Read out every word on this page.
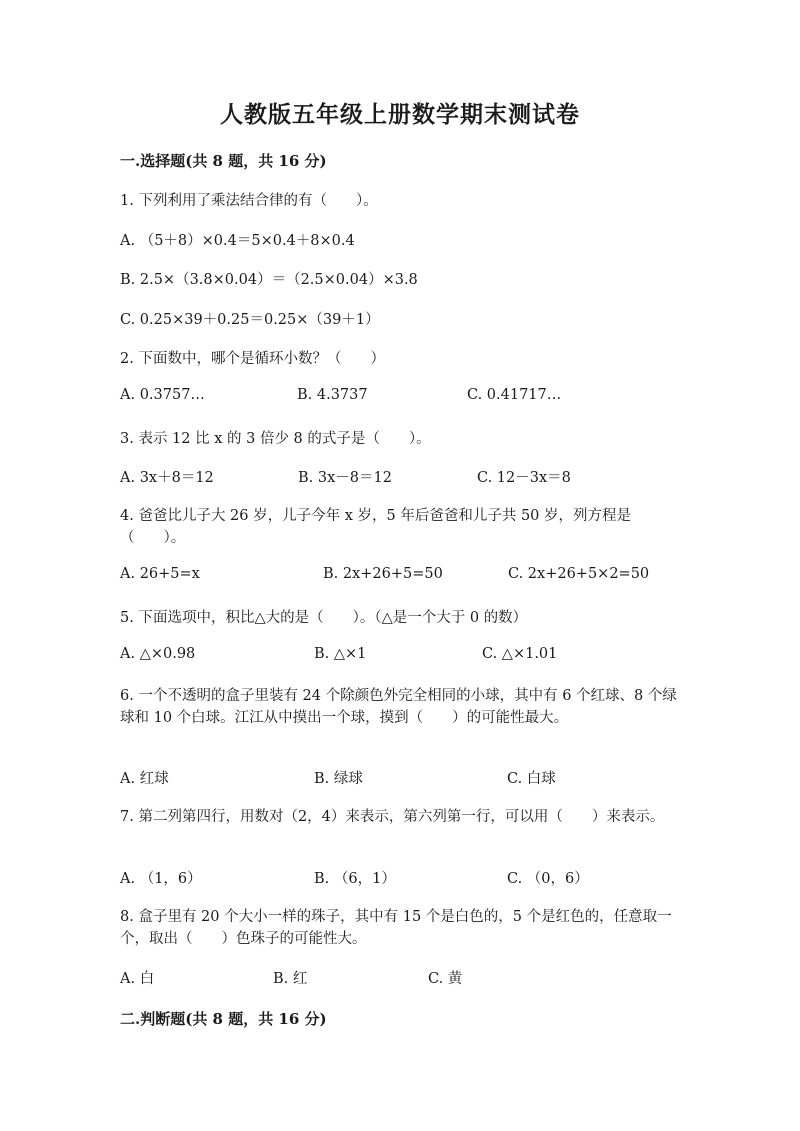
人教版五年级上册数学期末测试卷
一.选择题(共 8 题，共 16 分)
1. 下列利用了乘法结合律的有（　　）。
A. （5＋8）×0.4＝5×0.4＋8×0.4
B. 2.5×（3.8×0.04）＝（2.5×0.04）×3.8
C. 0.25×39＋0.25＝0.25×（39＋1）
2. 下面数中，哪个是循环小数？（　　）
A. 0.3757…	B. 4.3737	C. 0.41717…
3. 表示 12 比 x 的 3 倍少 8 的式子是（　　）。
A. 3x＋8＝12	B. 3x－8＝12	C. 12－3x＝8
4. 爸爸比儿子大 26 岁，儿子今年 x 岁，5 年后爸爸和儿子共 50 岁，列方程是（　　）。
A. 26+5=x	B. 2x+26+5=50	C. 2x+26+5×2=50
5. 下面选项中，积比△大的是（　　）。（△是一个大于 0 的数）
A. △×0.98	B. △×1	C. △×1.01
6. 一个不透明的盒子里装有 24 个除颜色外完全相同的小球，其中有 6 个红球、8 个绿球和 10 个白球。江江从中摸出一个球，摸到（　　）的可能性最大。
A. 红球	B. 绿球	C. 白球
7. 第二列第四行，用数对（2，4）来表示，第六列第一行，可以用（　　）来表示。
A. （1，6）	B. （6，1）	C. （0，6）
8. 盒子里有 20 个大小一样的珠子，其中有 15 个是白色的，5 个是红色的，任意取一个，取出（　　）色珠子的可能性大。
A. 白	B. 红	C. 黄
二.判断题(共 8 题，共 16 分)
